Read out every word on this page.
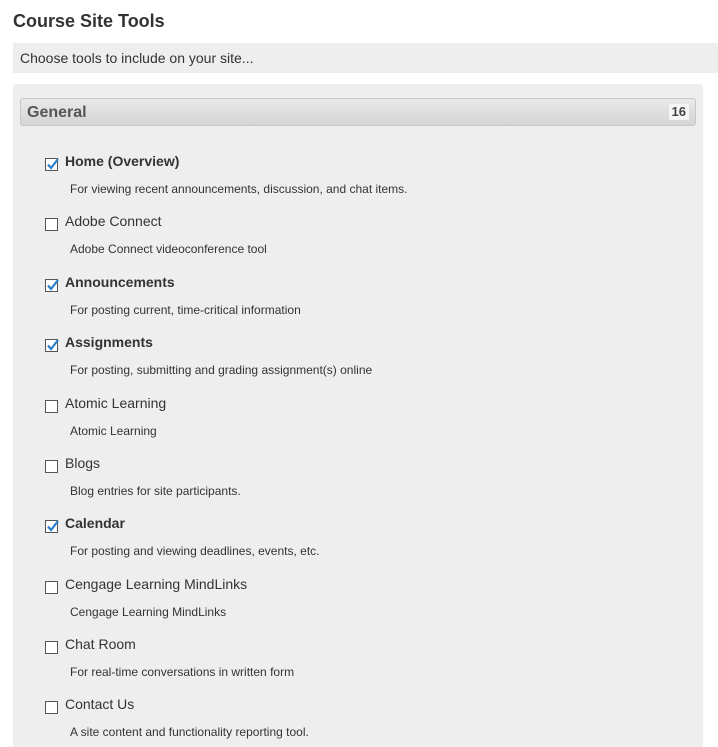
Course Site Tools
Choose tools to include on your site...
General	16
Home (Overview)
For viewing recent announcements, discussion, and chat items.
Adobe Connect
Adobe Connect videoconference tool
Announcements
For posting current, time-critical information
Assignments
For posting, submitting and grading assignment(s) online
Atomic Learning
Atomic Learning
Blogs
Blog entries for site participants.
Calendar
For posting and viewing deadlines, events, etc.
Cengage Learning MindLinks
Cengage Learning MindLinks
Chat Room
For real-time conversations in written form
Contact Us
A site content and functionality reporting tool.
